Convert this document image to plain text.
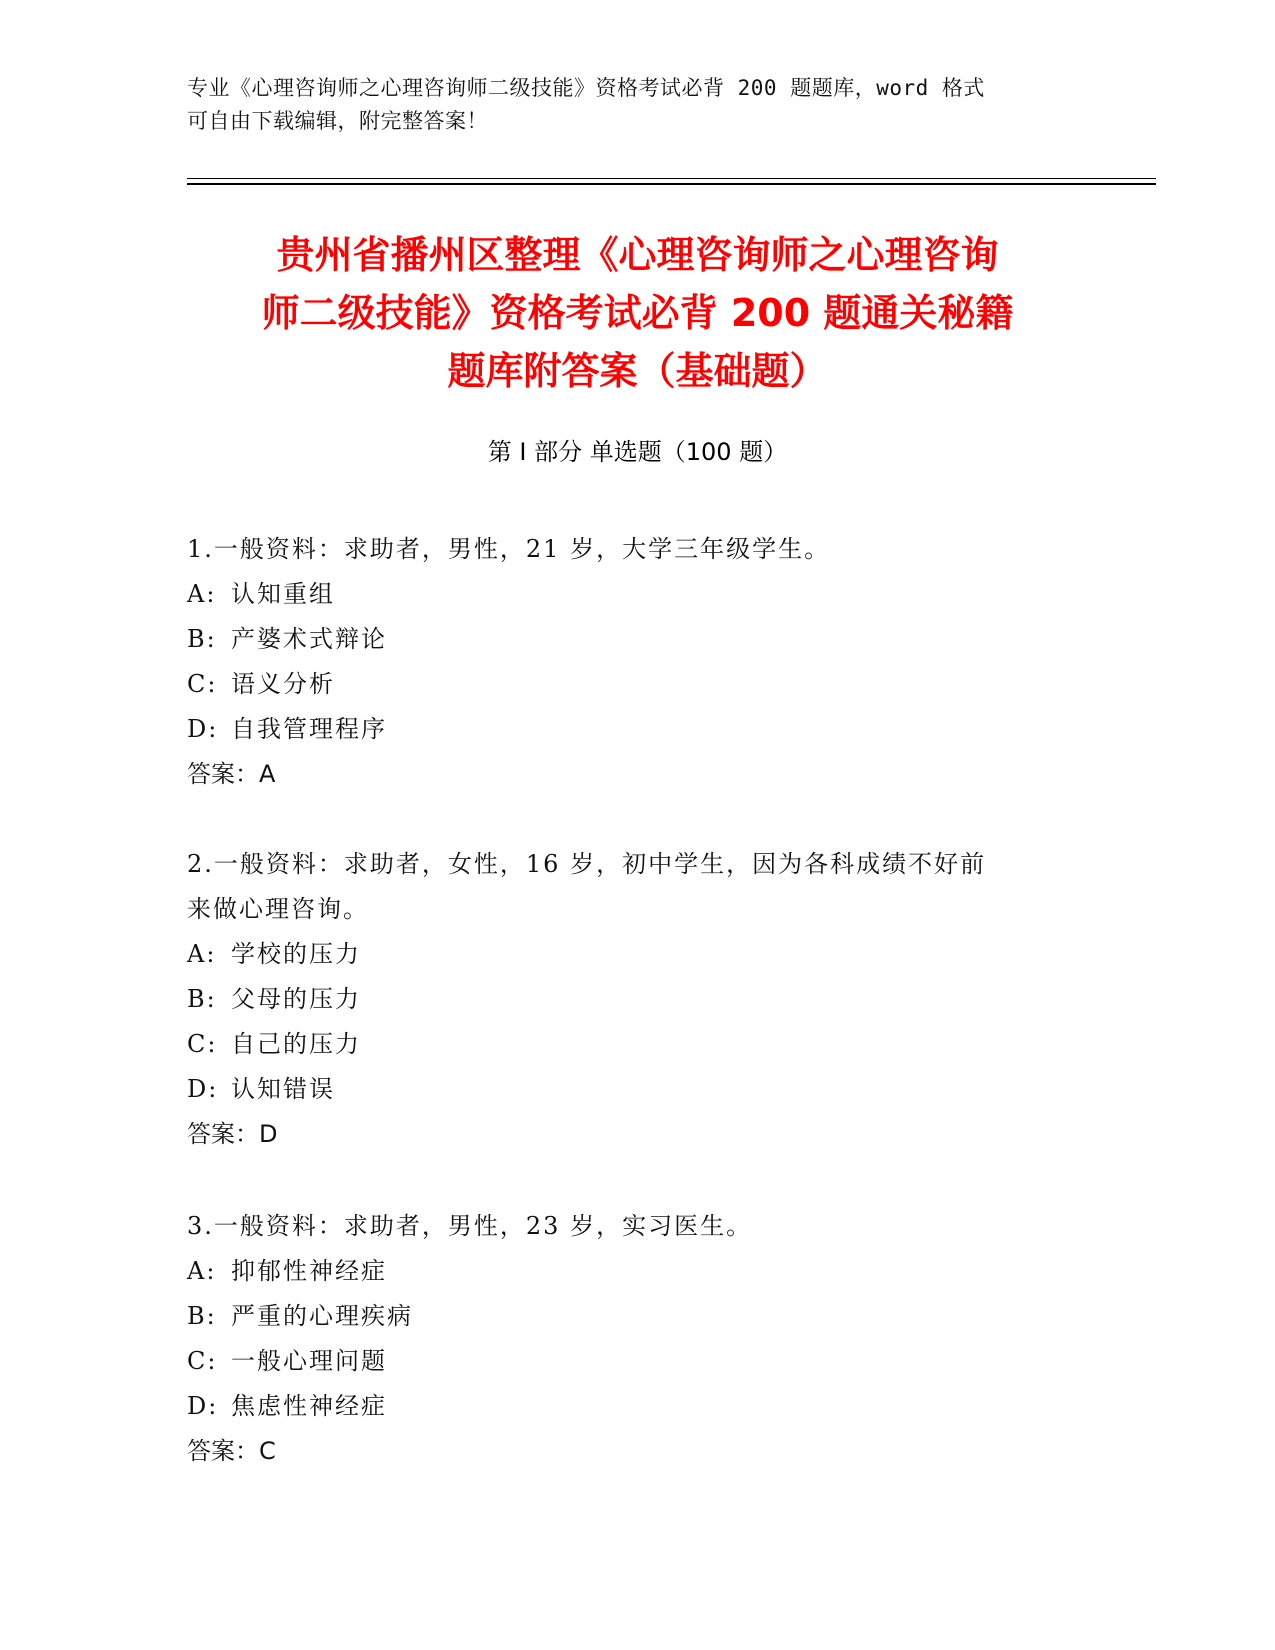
专业《心理咨询师之心理咨询师二级技能》资格考试必背 200 题题库，word 格式
可自由下载编辑，附完整答案！
贵州省播州区整理《心理咨询师之心理咨询
师二级技能》资格考试必背 200 题通关秘籍
题库附答案（基础题）
第 I 部分 单选题（100 题）
1.一般资料：求助者，男性，21 岁，大学三年级学生。
A: 认知重组
B: 产婆术式辩论
C: 语义分析
D: 自我管理程序
答案：A
2.一般资料：求助者，女性，16 岁，初中学生，因为各科成绩不好前
来做心理咨询。
A: 学校的压力
B: 父母的压力
C: 自己的压力
D: 认知错误
答案：D
3.一般资料：求助者，男性，23 岁，实习医生。
A: 抑郁性神经症
B: 严重的心理疾病
C: 一般心理问题
D: 焦虑性神经症
答案：C
